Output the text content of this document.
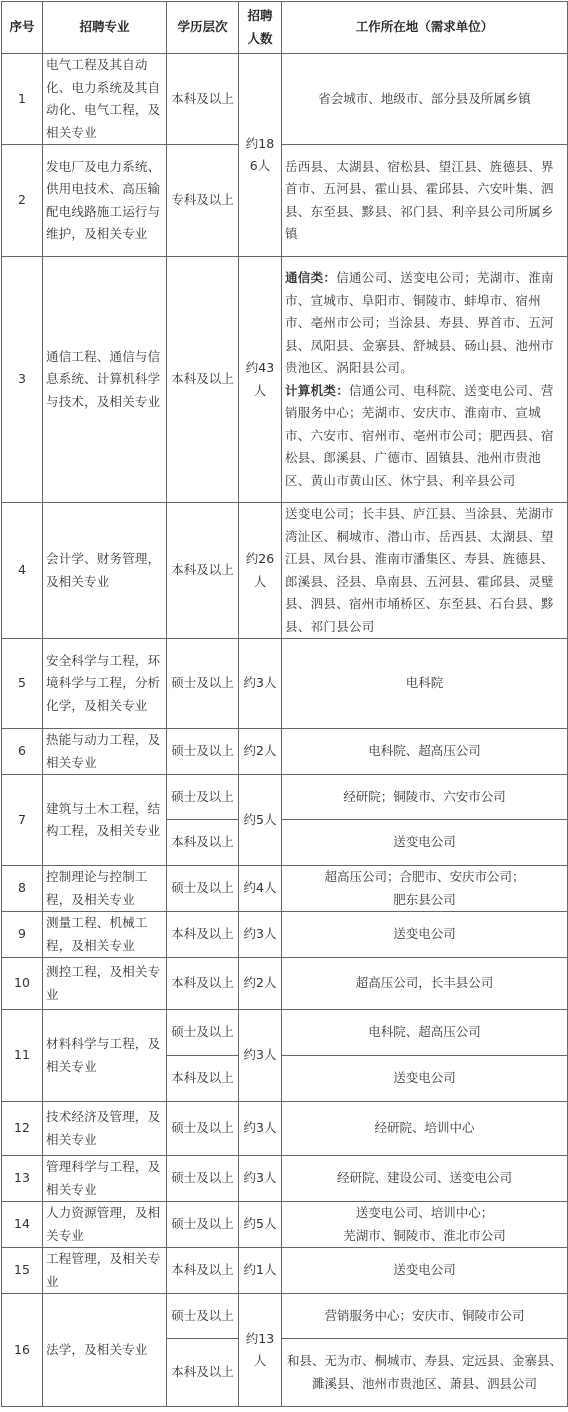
序号	招聘专业	学历层次	招聘人数	工作所在地（需求单位）
1	电气工程及其自动化、电力系统及其自动化、电气工程，及相关专业	本科及以上	约186人	省会城市、地级市、部分县及所属乡镇
2	发电厂及电力系统、供用电技术、高压输配电线路施工运行与维护，及相关专业	专科及以上		岳西县、太湖县、宿松县、望江县、旌德县、界首市、五河县、霍山县、霍邱县、六安叶集、泗县、东至县、黟县、祁门县、利辛县公司所属乡镇
3	通信工程、通信与信息系统、计算机科学与技术，及相关专业	本科及以上	约43人	通信类：信通公司、送变电公司；芜湖市、淮南市、宣城市、阜阳市、铜陵市、蚌埠市、宿州市、亳州市公司；当涂县、寿县、界首市、五河县、凤阳县、金寨县、舒城县、砀山县、池州市贵池区、涡阳县公司。
计算机类：信通公司、电科院、送变电公司、营销服务中心；芜湖市、安庆市、淮南市、宣城市、六安市、宿州市、亳州市公司；肥西县、宿松县、郎溪县、广德市、固镇县、池州市贵池区、黄山市黄山区、休宁县、利辛县公司
4	会计学、财务管理，及相关专业	本科及以上	约26人	送变电公司；长丰县、庐江县、当涂县、芜湖市湾沚区、桐城市、潜山市、岳西县、太湖县、望江县、凤台县、淮南市潘集区、寿县、旌德县、郎溪县、泾县、阜南县、五河县、霍邱县、灵璧县、泗县、宿州市埇桥区、东至县、石台县、黟县、祁门县公司
5	安全科学与工程，环境科学与工程，分析化学，及相关专业	硕士及以上	约3人	电科院
6	热能与动力工程，及相关专业	硕士及以上	约2人	电科院、超高压公司
7	建筑与土木工程，结构工程，及相关专业	硕士及以上	约5人	经研院；铜陵市、六安市公司
		本科及以上		送变电公司
8	控制理论与控制工程，及相关专业	硕士及以上	约4人	超高压公司；合肥市、安庆市公司；
肥东县公司
9	测量工程、机械工程，及相关专业	本科及以上	约3人	送变电公司
10	测控工程，及相关专业	本科及以上	约2人	超高压公司，长丰县公司
11	材料科学与工程，及相关专业	硕士及以上	约3人	电科院、超高压公司
		本科及以上		送变电公司
12	技术经济及管理，及相关专业	硕士及以上	约3人	经研院、培训中心
13	管理科学与工程，及相关专业	硕士及以上	约3人	经研院、建设公司、送变电公司
14	人力资源管理，及相关专业	硕士及以上	约5人	送变电公司、培训中心；
芜湖市、铜陵市、淮北市公司
15	工程管理，及相关专业	本科及以上	约1人	送变电公司
16	法学，及相关专业	硕士及以上	约13人	营销服务中心；安庆市、铜陵市公司
		本科及以上		和县、无为市、桐城市、寿县、定远县、金寨县、濉溪县、池州市贵池区、萧县、泗县公司
